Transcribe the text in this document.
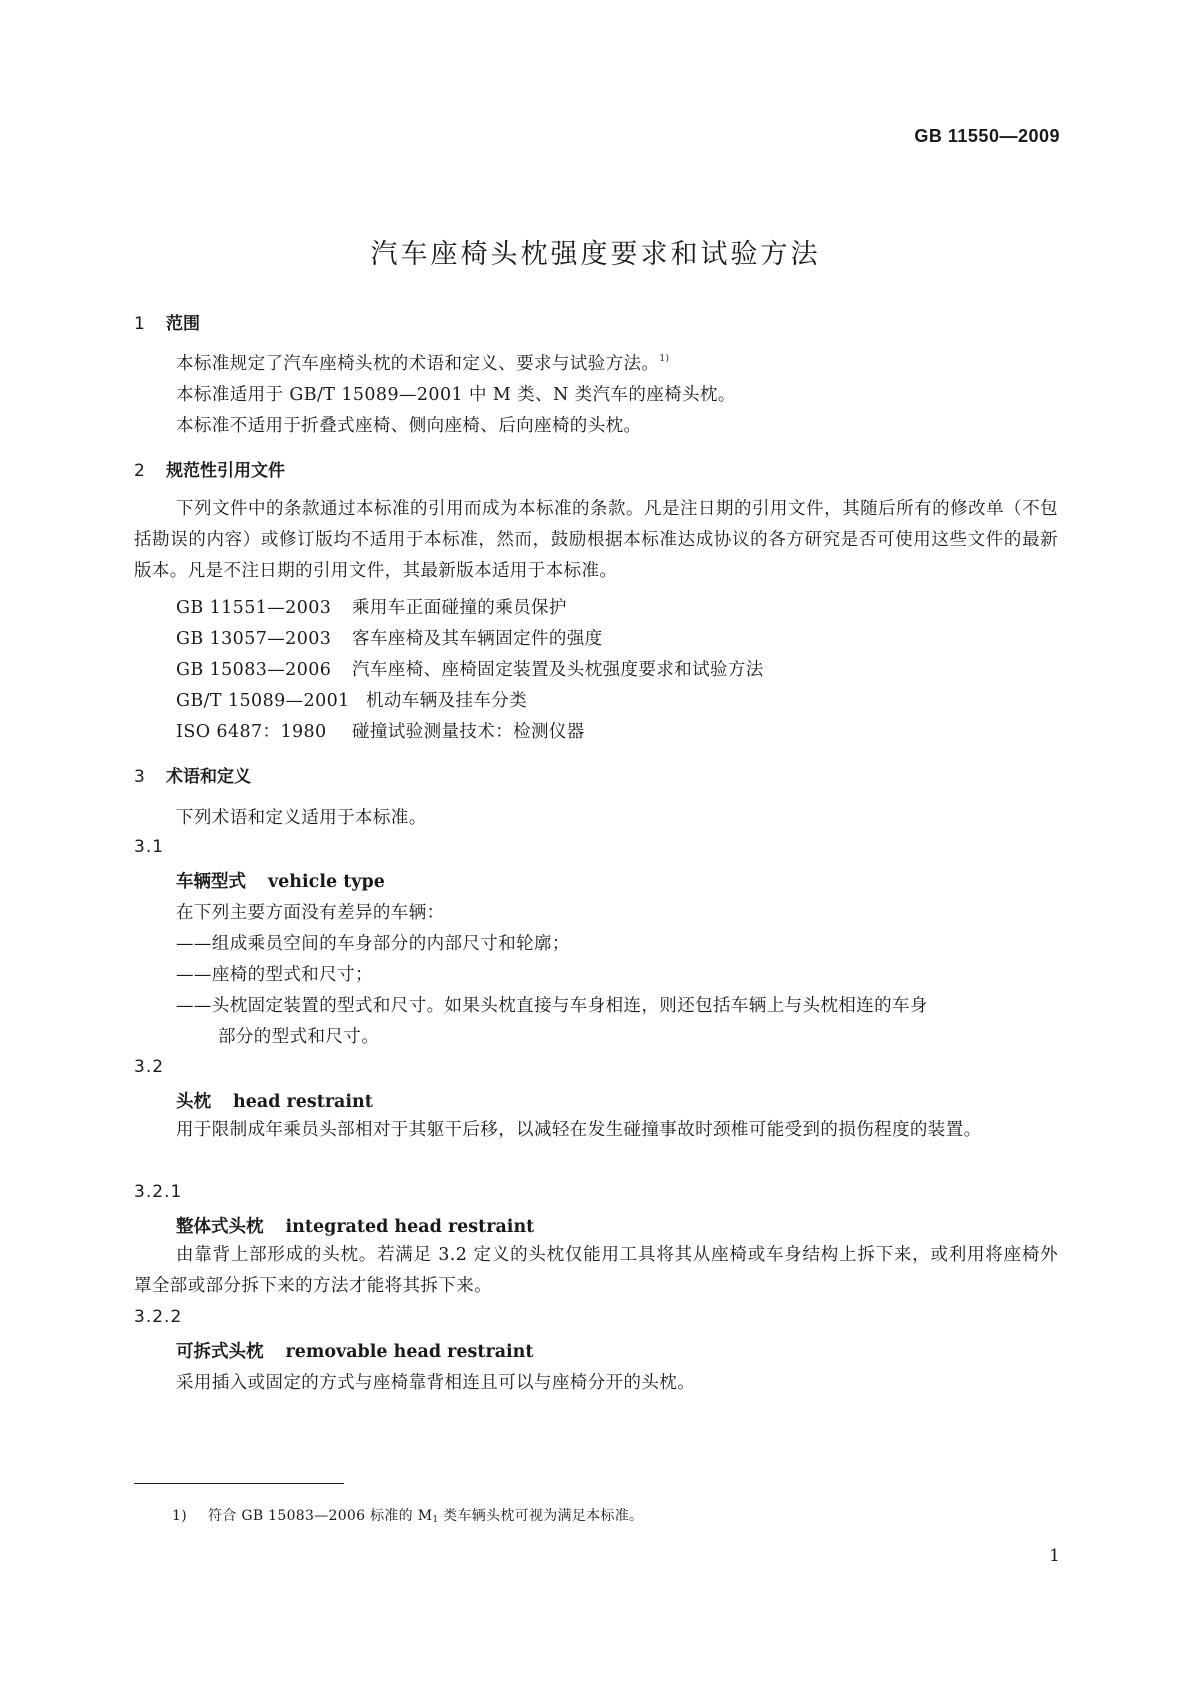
GB 11550—2009
汽车座椅头枕强度要求和试验方法
1 范围
本标准规定了汽车座椅头枕的术语和定义、要求与试验方法。$^{1)}$
本标准适用于 GB/T 15089—2001 中 M 类、N 类汽车的座椅头枕。
本标准不适用于折叠式座椅、侧向座椅、后向座椅的头枕。
2 规范性引用文件
下列文件中的条款通过本标准的引用而成为本标准的条款。凡是注日期的引用文件，其随后所有的修改单（不包括勘误的内容）或修订版均不适用于本标准，然而，鼓励根据本标准达成协议的各方研究是否可使用这些文件的最新版本。凡是不注日期的引用文件，其最新版本适用于本标准。
GB 11551—2003 乘用车正面碰撞的乘员保护
GB 13057—2003 客车座椅及其车辆固定件的强度
GB 15083—2006 汽车座椅、座椅固定装置及头枕强度要求和试验方法
GB/T 15089—2001 机动车辆及挂车分类
ISO 6487：1980 碰撞试验测量技术：检测仪器
3 术语和定义
下列术语和定义适用于本标准。
3.1
车辆型式 vehicle type
在下列主要方面没有差异的车辆：
——组成乘员空间的车身部分的内部尺寸和轮廓；
——座椅的型式和尺寸；
——头枕固定装置的型式和尺寸。如果头枕直接与车身相连，则还包括车辆上与头枕相连的车身
部分的型式和尺寸。
3.2
头枕 head restraint
用于限制成年乘员头部相对于其躯干后移，以减轻在发生碰撞事故时颈椎可能受到的损伤程度的装置。
3.2.1
整体式头枕 integrated head restraint
由靠背上部形成的头枕。若满足 3.2 定义的头枕仅能用工具将其从座椅或车身结构上拆下来，或利用将座椅外罩全部或部分拆下来的方法才能将其拆下来。
3.2.2
可拆式头枕 removable head restraint
采用插入或固定的方式与座椅靠背相连且可以与座椅分开的头枕。
1) 符合 GB 15083—2006 标准的 $M_1$ 类车辆头枕可视为满足本标准。
1
